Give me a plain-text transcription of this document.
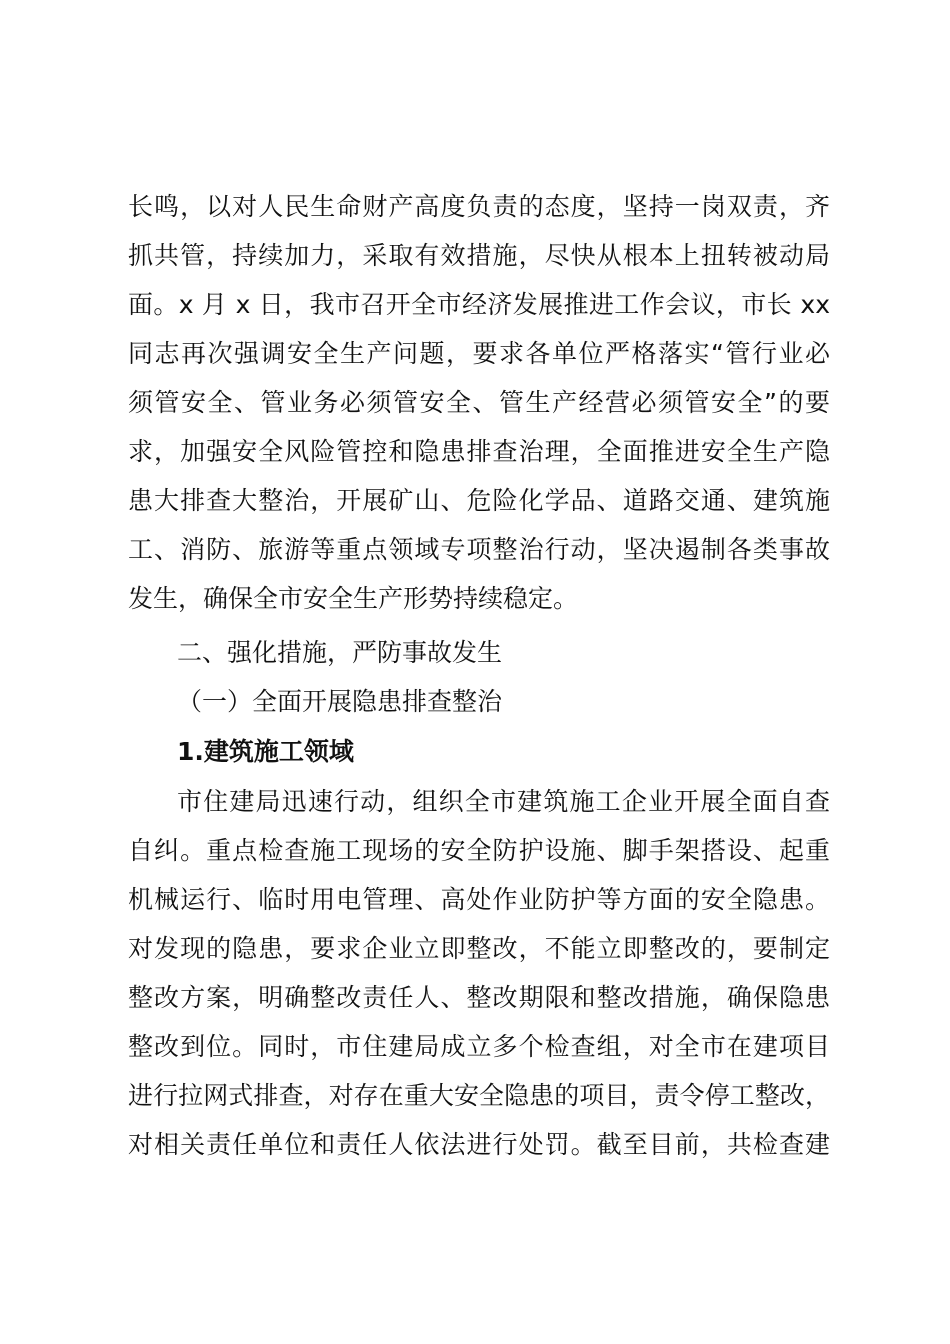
长鸣，以对人民生命财产高度负责的态度，坚持一岗双责，齐
抓共管，持续加力，采取有效措施，尽快从根本上扭转被动局
面。x 月 x 日，我市召开全市经济发展推进工作会议，市长 xx
同志再次强调安全生产问题，要求各单位严格落实“管行业必
须管安全、管业务必须管安全、管生产经营必须管安全”的要
求，加强安全风险管控和隐患排查治理，全面推进安全生产隐
患大排查大整治，开展矿山、危险化学品、道路交通、建筑施
工、消防、旅游等重点领域专项整治行动，坚决遏制各类事故
发生，确保全市安全生产形势持续稳定。
二、强化措施，严防事故发生
（一）全面开展隐患排查整治
1.建筑施工领域
市住建局迅速行动，组织全市建筑施工企业开展全面自查
自纠。重点检查施工现场的安全防护设施、脚手架搭设、起重
机械运行、临时用电管理、高处作业防护等方面的安全隐患。
对发现的隐患，要求企业立即整改，不能立即整改的，要制定
整改方案，明确整改责任人、整改期限和整改措施，确保隐患
整改到位。同时，市住建局成立多个检查组，对全市在建项目
进行拉网式排查，对存在重大安全隐患的项目，责令停工整改，
对相关责任单位和责任人依法进行处罚。截至目前，共检查建
